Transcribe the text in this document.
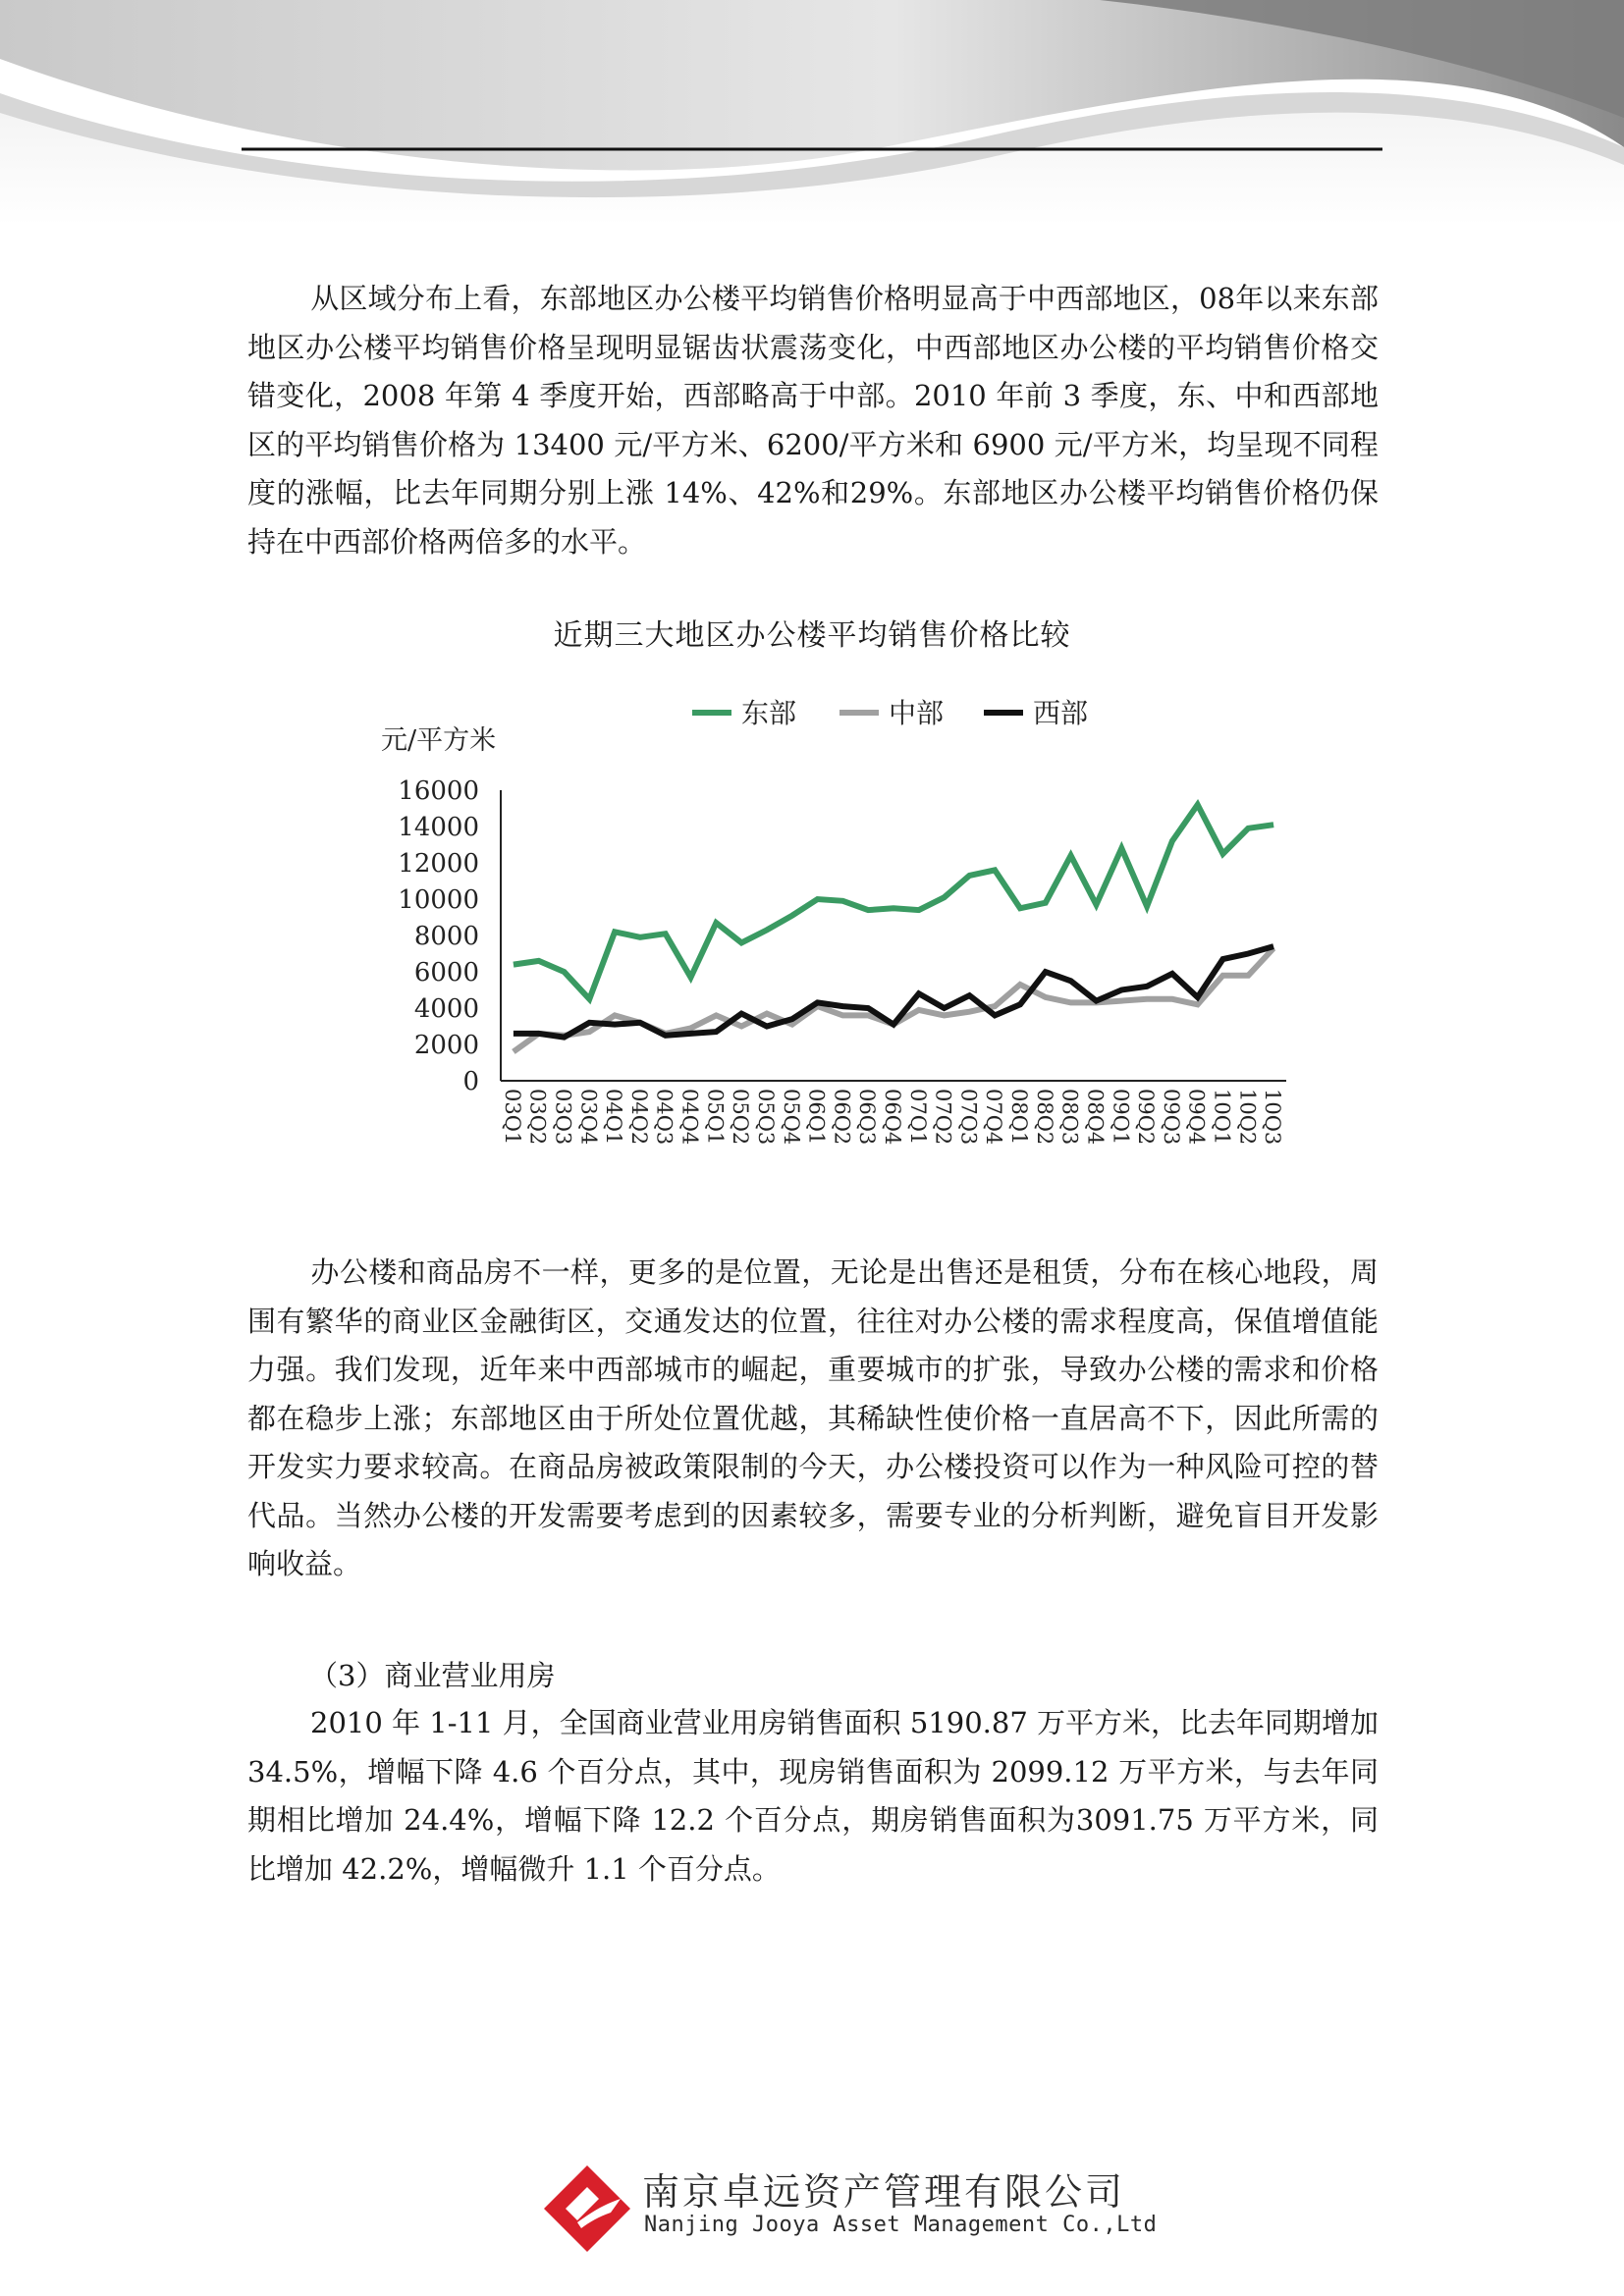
从区域分布上看，东部地区办公楼平均销售价格明显高于中西部地区，08年以来东部地区办公楼平均销售价格呈现明显锯齿状震荡变化，中西部地区办公楼的平均销售价格交错变化，2008 年第 4 季度开始，西部略高于中部。2010 年前 3 季度，东、中和西部地区的平均销售价格为 13400 元/平方米、6200/平方米和 6900 元/平方米，均呈现不同程度的涨幅，比去年同期分别上涨 14%、42%和29%。东部地区办公楼平均销售价格仍保持在中西部价格两倍多的水平。

近期三大地区办公楼平均销售价格比较
东部	中部	西部
元/平方米
0
2000
4000
6000
8000
10000
12000
14000
16000
03Q1 03Q2 03Q3 03Q4 04Q1 04Q2 04Q3 04Q4 05Q1 05Q2 05Q3 05Q4 06Q1 06Q2 06Q3 06Q4 07Q1 07Q2 07Q3 07Q4 08Q1 08Q2 08Q3 08Q4 09Q1 09Q2 09Q3 09Q4 10Q1 10Q2 10Q3

办公楼和商品房不一样，更多的是位置，无论是出售还是租赁，分布在核心地段，周围有繁华的商业区金融街区，交通发达的位置，往往对办公楼的需求程度高，保值增值能力强。我们发现，近年来中西部城市的崛起，重要城市的扩张，导致办公楼的需求和价格都在稳步上涨；东部地区由于所处位置优越，其稀缺性使价格一直居高不下，因此所需的开发实力要求较高。在商品房被政策限制的今天，办公楼投资可以作为一种风险可控的替代品。当然办公楼的开发需要考虑到的因素较多，需要专业的分析判断，避免盲目开发影响收益。

（3）商业营业用房

2010 年 1-11 月，全国商业营业用房销售面积 5190.87 万平方米，比去年同期增加 34.5%，增幅下降 4.6 个百分点，其中，现房销售面积为 2099.12 万平方米，与去年同期相比增加 24.4%，增幅下降 12.2 个百分点，期房销售面积为3091.75 万平方米，同比增加 42.2%，增幅微升 1.1 个百分点。

南京卓远资产管理有限公司
Nanjing Jooya Asset Management Co.,Ltd
